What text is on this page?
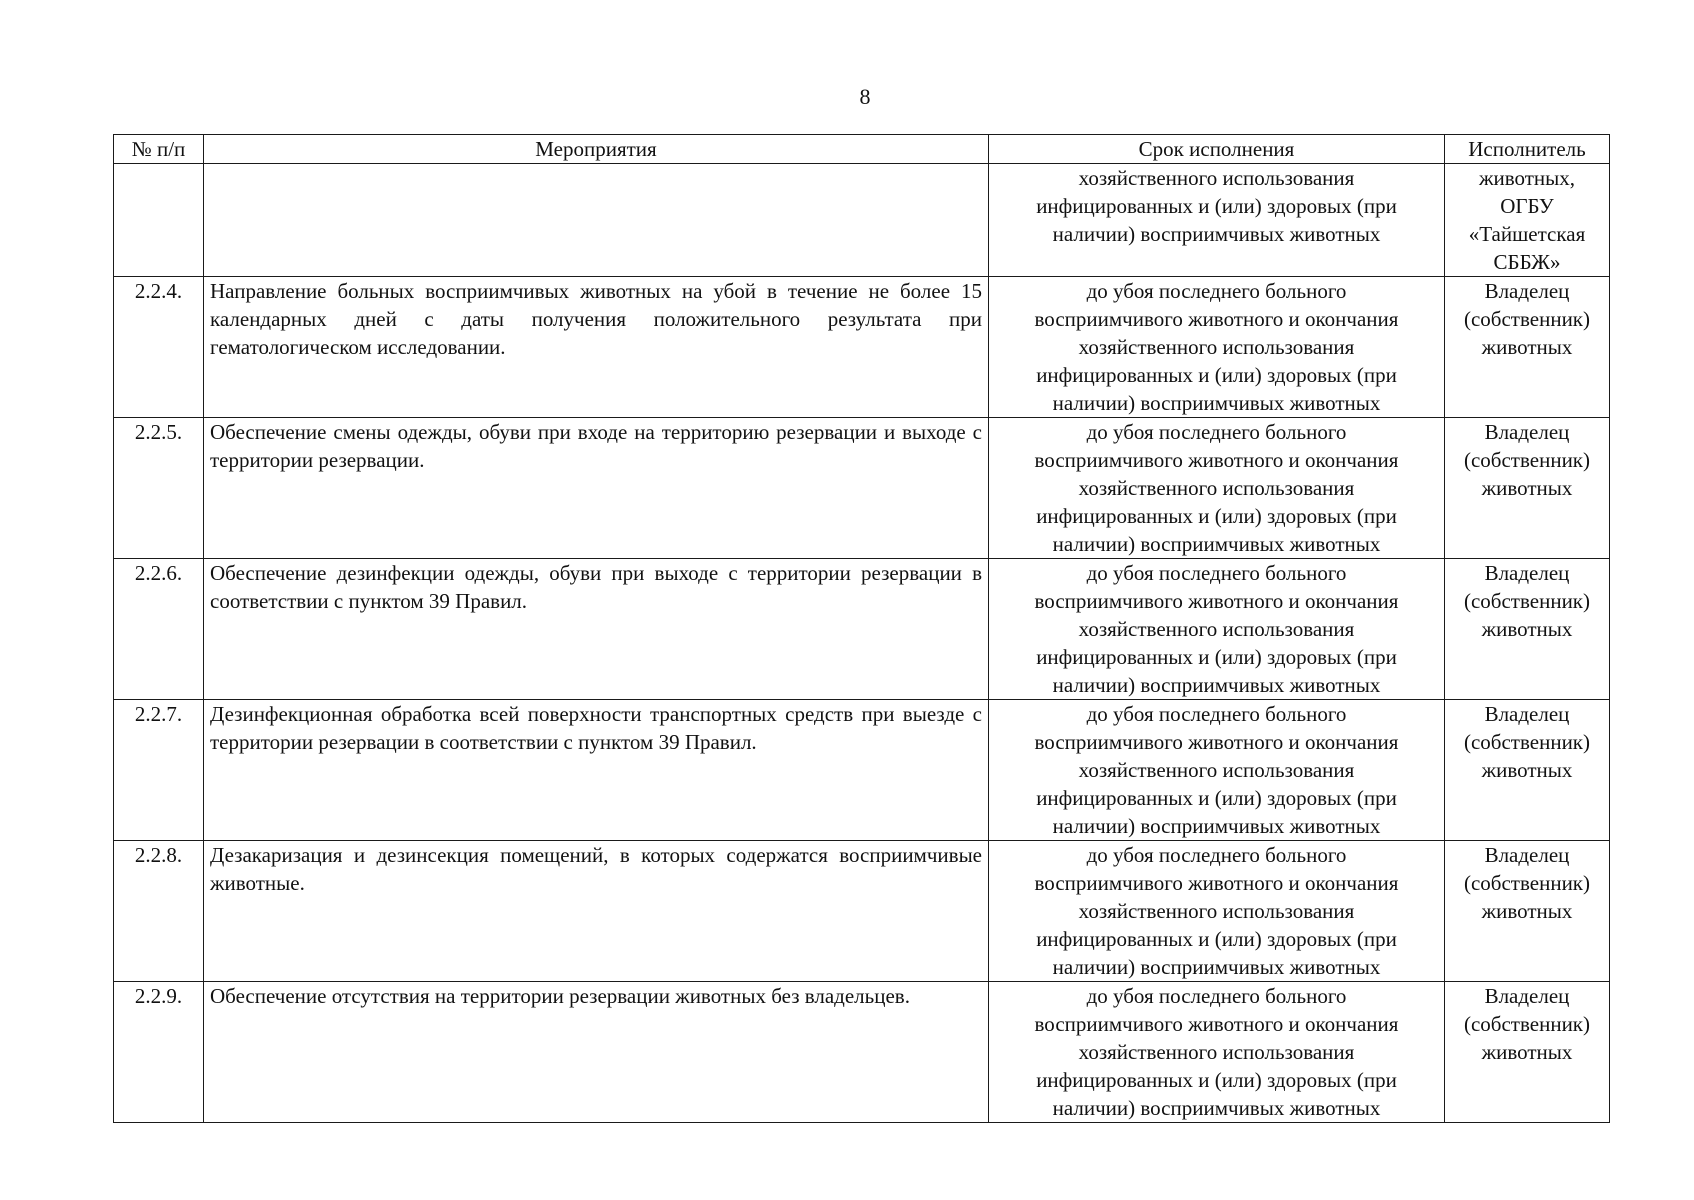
8
№ п/п	Мероприятия	Срок исполнения	Исполнитель

		хозяйственного использования
инфицированных и (или) здоровых (при
наличии) восприимчивых животных	животных,
ОГБУ
«Тайшетская
СББЖ»

2.2.4.	Направление больных восприимчивых животных на убой в течение не более 15 календарных дней с даты получения положительного результата при гематологическом исследовании.	до убоя последнего больного
восприимчивого животного и окончания
хозяйственного использования
инфицированных и (или) здоровых (при
наличии) восприимчивых животных	Владелец
(собственник)
животных

2.2.5.	Обеспечение смены одежды, обуви при входе на территорию резервации и выходе с территории резервации.	до убоя последнего больного
восприимчивого животного и окончания
хозяйственного использования
инфицированных и (или) здоровых (при
наличии) восприимчивых животных	Владелец
(собственник)
животных

2.2.6.	Обеспечение дезинфекции одежды, обуви при выходе с территории резервации в соответствии с пунктом 39 Правил.	до убоя последнего больного
восприимчивого животного и окончания
хозяйственного использования
инфицированных и (или) здоровых (при
наличии) восприимчивых животных	Владелец
(собственник)
животных

2.2.7.	Дезинфекционная обработка всей поверхности транспортных средств при выезде с территории резервации в соответствии с пунктом 39 Правил.	до убоя последнего больного
восприимчивого животного и окончания
хозяйственного использования
инфицированных и (или) здоровых (при
наличии) восприимчивых животных	Владелец
(собственник)
животных

2.2.8.	Дезакаризация и дезинсекция помещений, в которых содержатся восприимчивые животные.	до убоя последнего больного
восприимчивого животного и окончания
хозяйственного использования
инфицированных и (или) здоровых (при
наличии) восприимчивых животных	Владелец
(собственник)
животных

2.2.9.	Обеспечение отсутствия на территории резервации животных без владельцев.	до убоя последнего больного
восприимчивого животного и окончания
хозяйственного использования
инфицированных и (или) здоровых (при
наличии) восприимчивых животных	Владелец
(собственник)
животных
